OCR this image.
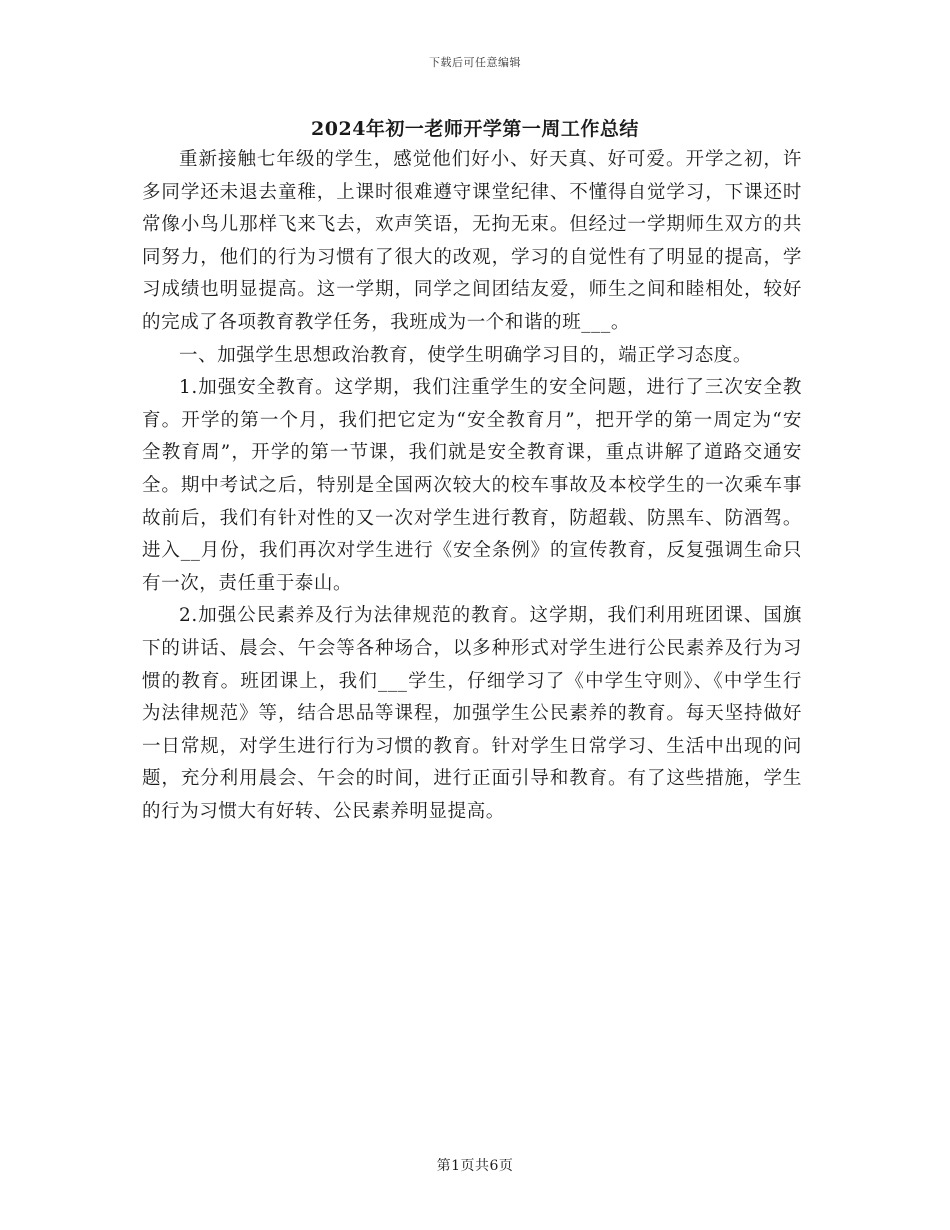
下载后可任意编辑
2024年初一老师开学第一周工作总结

重新接触七年级的学生，感觉他们好小、好天真、好可爱。开学之初，许多同学还未退去童稚，上课时很难遵守课堂纪律、不懂得自觉学习，下课还时常像小鸟儿那样飞来飞去，欢声笑语，无拘无束。但经过一学期师生双方的共同努力，他们的行为习惯有了很大的改观，学习的自觉性有了明显的提高，学习成绩也明显提高。这一学期，同学之间团结友爱，师生之间和睦相处，较好的完成了各项教育教学任务，我班成为一个和谐的班___。

一、加强学生思想政治教育，使学生明确学习目的，端正学习态度。

1.加强安全教育。这学期，我们注重学生的安全问题，进行了三次安全教育。开学的第一个月，我们把它定为“安全教育月”，把开学的第一周定为“安全教育周”，开学的第一节课，我们就是安全教育课，重点讲解了道路交通安全。期中考试之后，特别是全国两次较大的校车事故及本校学生的一次乘车事故前后，我们有针对性的又一次对学生进行教育，防超载、防黑车、防酒驾。进入__月份，我们再次对学生进行《安全条例》的宣传教育，反复强调生命只有一次，责任重于泰山。

2.加强公民素养及行为法律规范的教育。这学期，我们利用班团课、国旗下的讲话、晨会、午会等各种场合，以多种形式对学生进行公民素养及行为习惯的教育。班团课上，我们___学生，仔细学习了《中学生守则》、《中学生行为法律规范》等，结合思品等课程，加强学生公民素养的教育。每天坚持做好一日常规，对学生进行行为习惯的教育。针对学生日常学习、生活中出现的问题，充分利用晨会、午会的时间，进行正面引导和教育。有了这些措施，学生的行为习惯大有好转、公民素养明显提高。

第1页共6页
